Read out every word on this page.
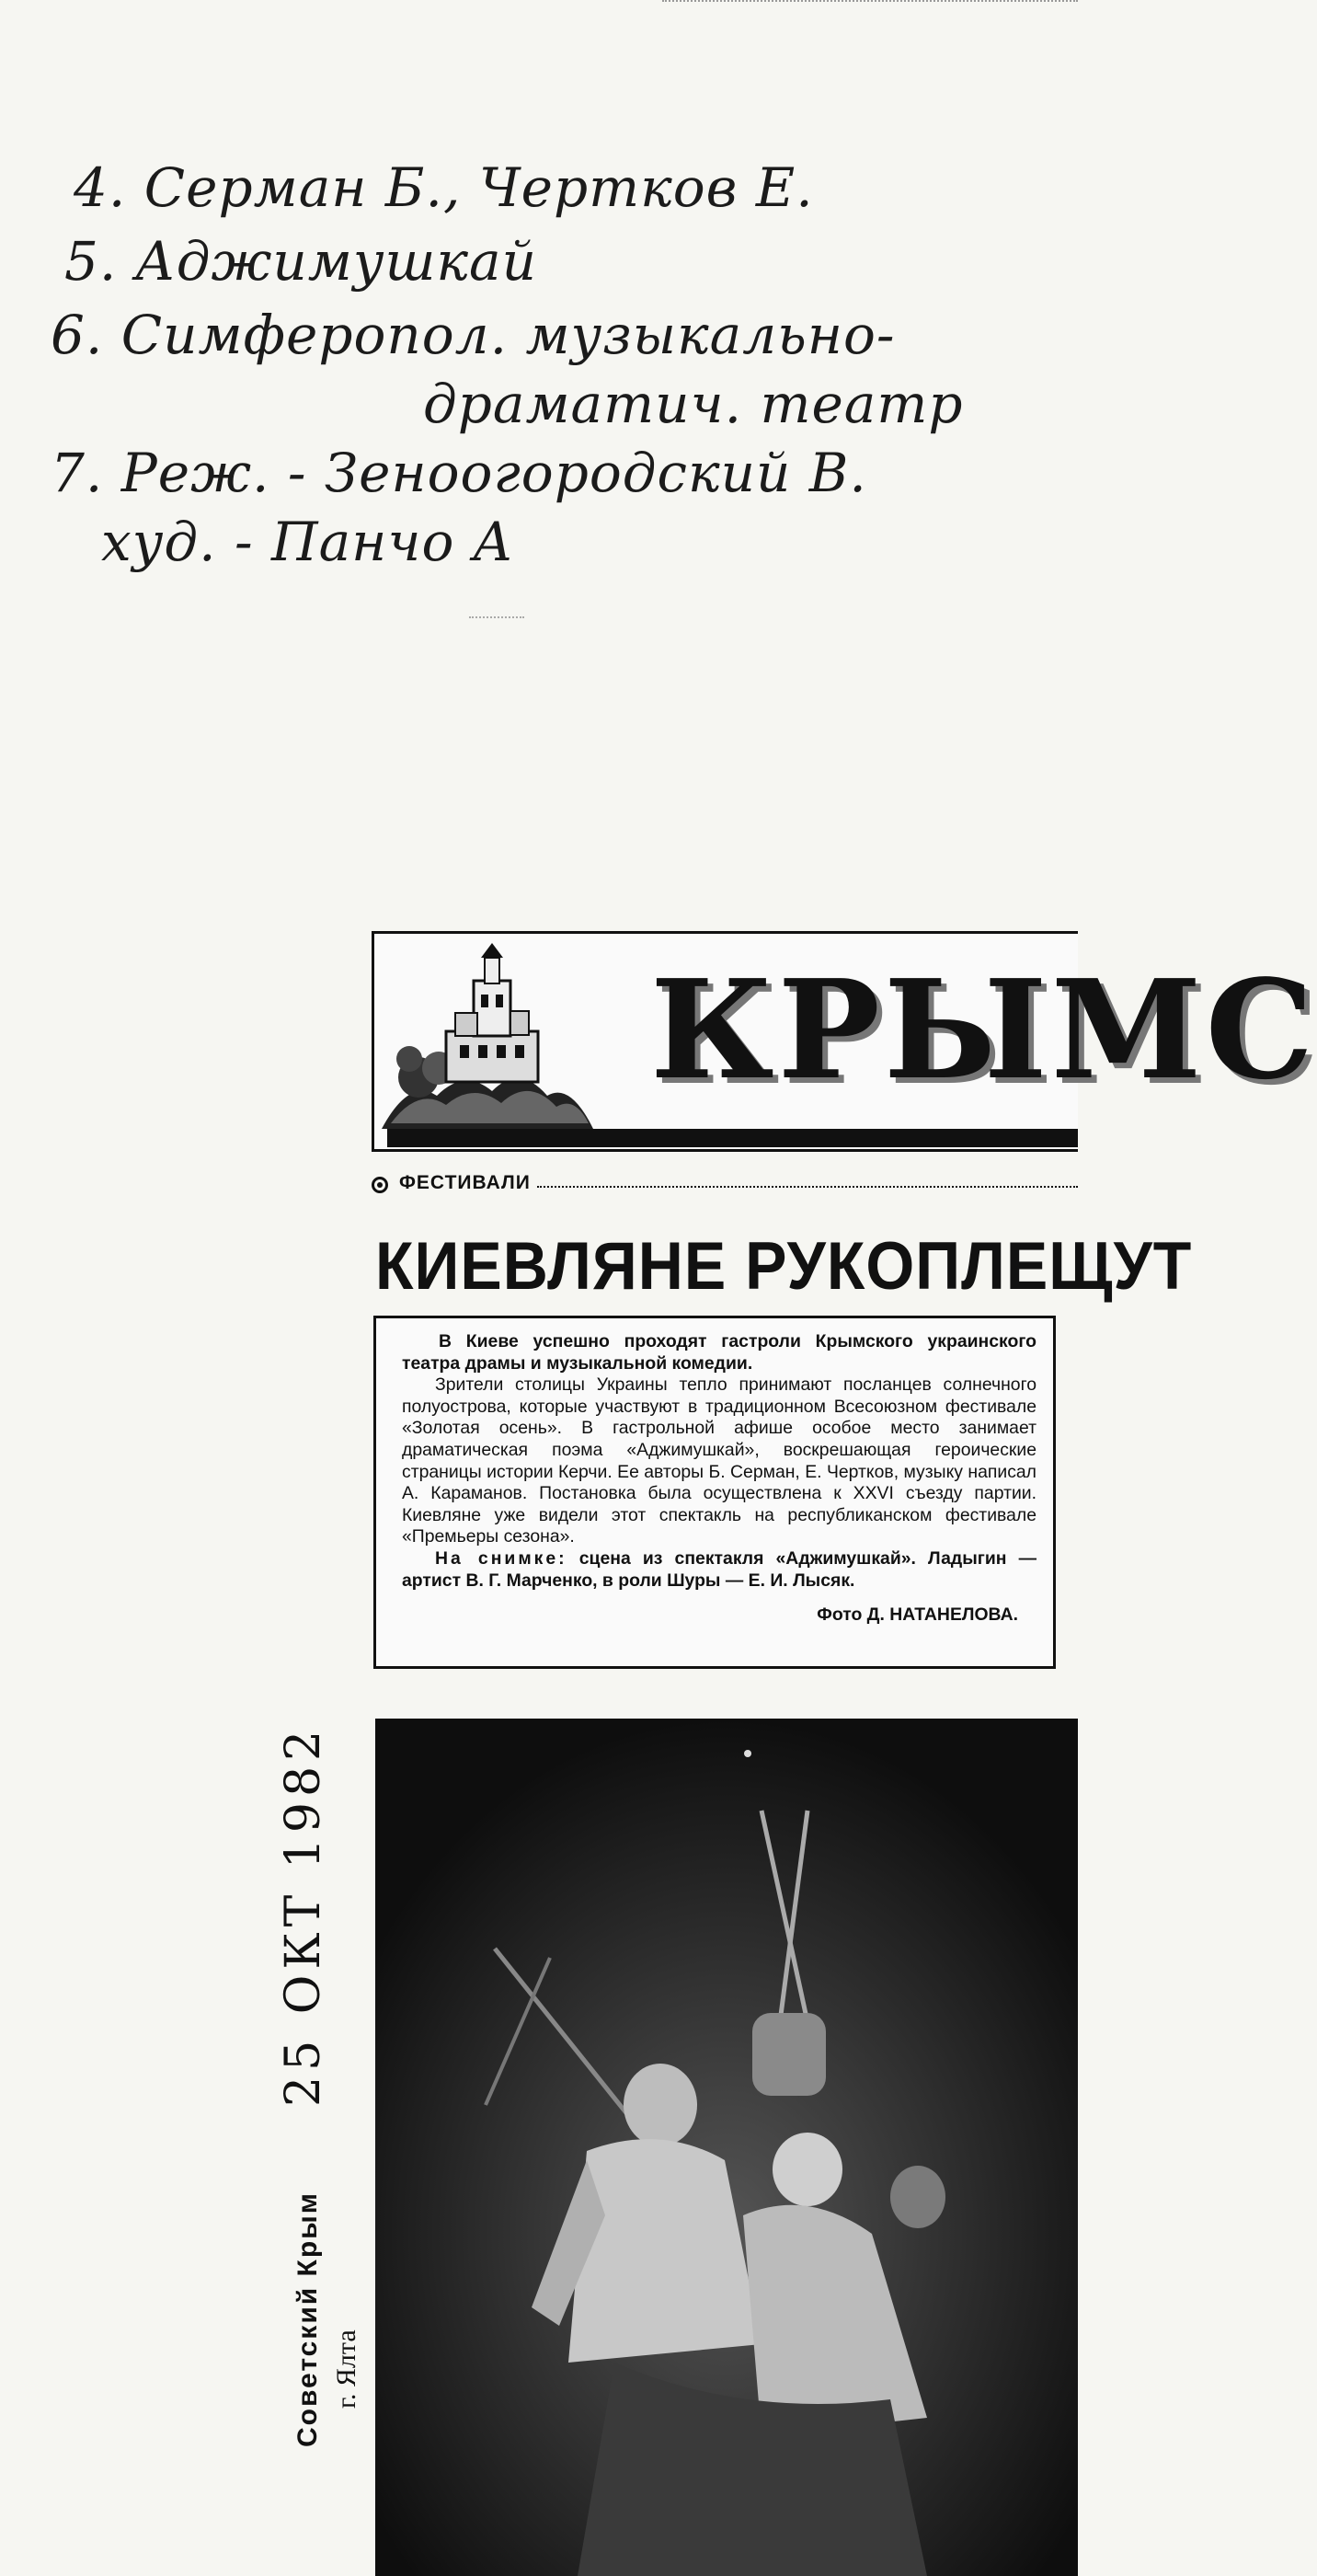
4. Серман Б., Чертков Е.
5. Аджимушкай
6. Симферопол. музыкально-
драматич. театр
7. Реж. - Зеноогородский В.
худ. - Панчо А
КРЫМС
ФЕСТИВАЛИ
КИЕВЛЯНЕ РУКОПЛЕЩУТ

В Киеве успешно проходят гастроли Крымского украинского театра драмы и музыкальной комедии.

Зрители столицы Украины тепло принимают посланцев солнечного полуострова, которые участвуют в традиционном Всесоюзном фестивале «Золотая осень». В гастрольной афише особое место занимает драматическая поэма «Аджимушкай», воскрешающая героические страницы истории Керчи. Ее авторы Б. Серман, Е. Чертков, музыку написал А. Караманов. Постановка была осуществлена к XXVI съезду партии. Киевляне уже видели этот спектакль на республиканском фестивале «Премьеры сезона».

На снимке: сцена из спектакля «Аджимушкай». Ладыгин — артист В. Г. Марченко, в роли Шуры — Е. И. Лысяк.

Фото Д. НАТАНЕЛОВА.
25 ОКТ 1982
Советский Крым г. Ялта
